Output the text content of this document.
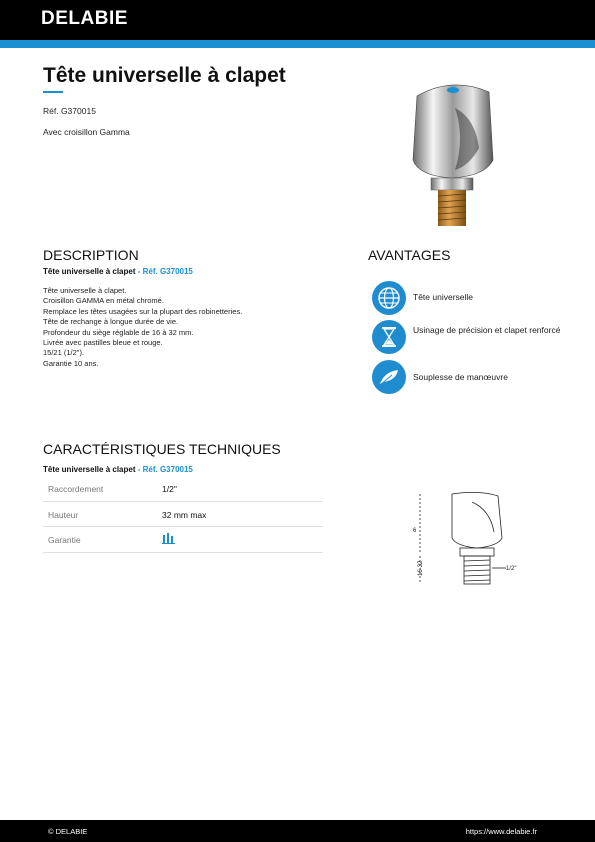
DELABIE
Tête universelle à clapet
Réf. G370015
Avec croisillon Gamma
DESCRIPTION
Tête universelle à clapet - Réf. G370015
Tête universelle à clapet.
Croisillon GAMMA en métal chromé.
Remplace les têtes usagées sur la plupart des robinetteries.
Tête de rechange à longue durée de vie.
Profondeur du siège réglable de 16 à 32 mm.
Livrée avec pastilles bleue et rouge.
15/21 (1/2").
Garantie 10 ans.
AVANTAGES
Tête universelle
Usinage de précision et clapet renforcé
Souplesse de manœuvre
CARACTÉRISTIQUES TECHNIQUES
Tête universelle à clapet - Réf. G370015
Raccordement	1/2"
Hauteur	32 mm max
Garantie
6
16-32	1/2"
© DELABIE	https://www.delabie.fr
